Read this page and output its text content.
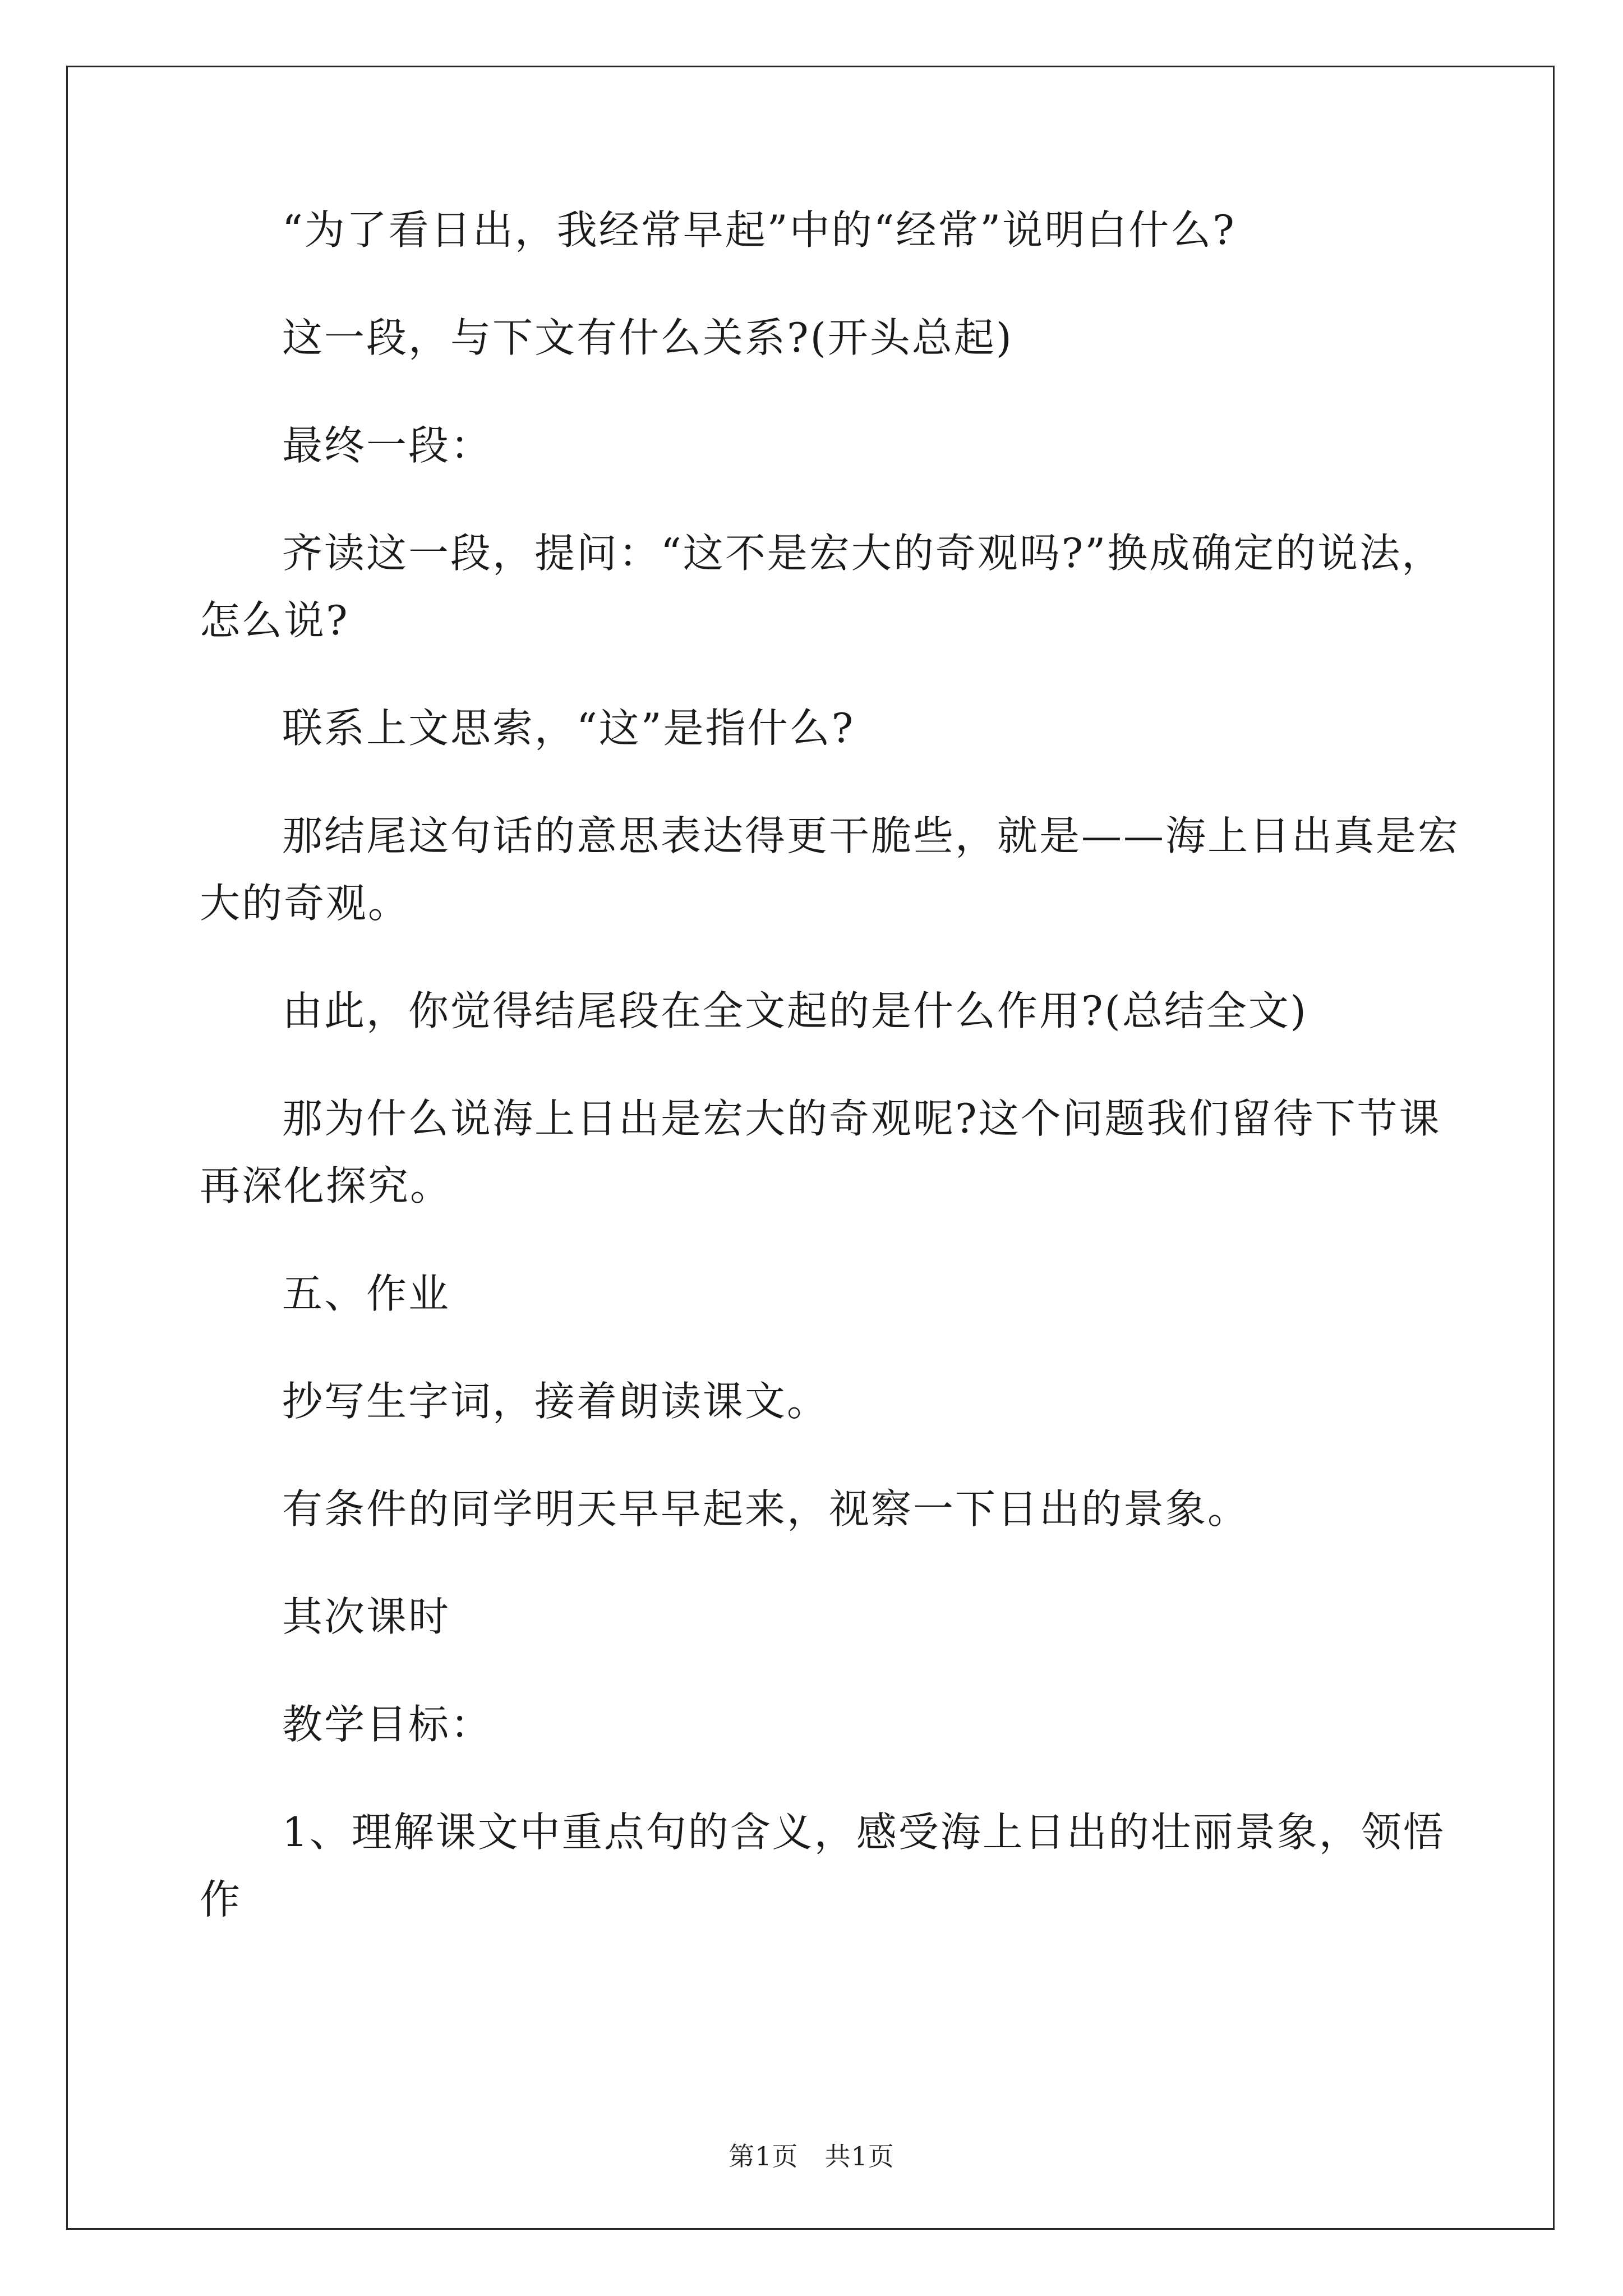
“为了看日出，我经常早起”中的“经常”说明白什么?

这一段，与下文有什么关系?(开头总起)

最终一段：

齐读这一段，提问：“这不是宏大的奇观吗?”换成确定的说法，怎么说?

联系上文思索，“这”是指什么?

那结尾这句话的意思表达得更干脆些，就是——海上日出真是宏大的奇观。

由此，你觉得结尾段在全文起的是什么作用?(总结全文)

那为什么说海上日出是宏大的奇观呢?这个问题我们留待下节课再深化探究。

五、作业

抄写生字词，接着朗读课文。

有条件的同学明天早早起来，视察一下日出的景象。

其次课时

教学目标：

1、理解课文中重点句的含义，感受海上日出的壮丽景象，领悟作

第1页　共1页
